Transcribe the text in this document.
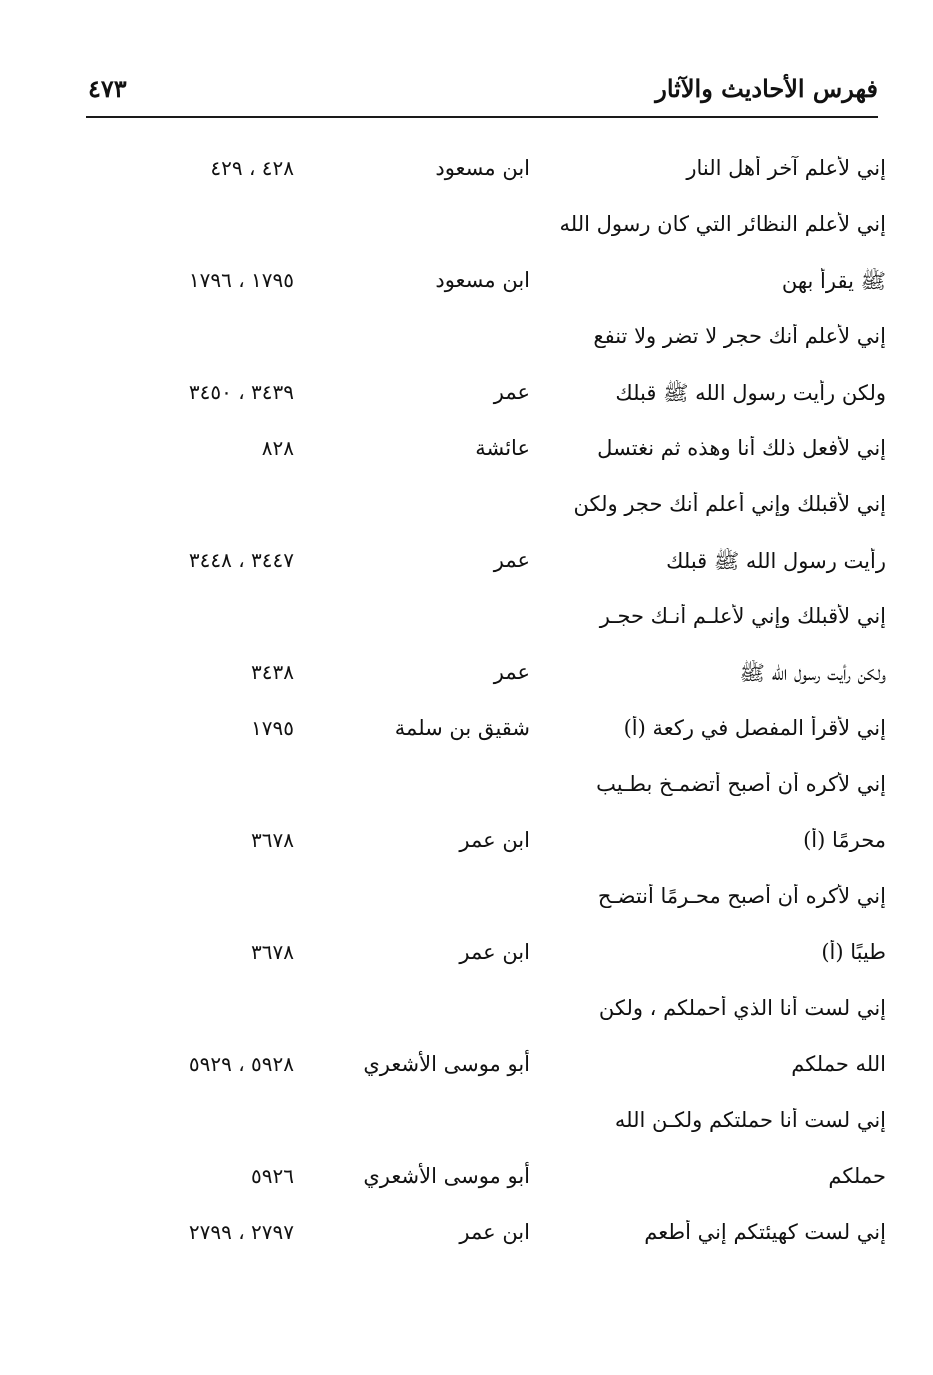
فهرس الأحاديث والآثار
٤٧٣
إني لأعلم آخر أهل النار
ابن مسعود
٤٢٨ ، ٤٢٩
إني لأعلم النظائر التي كان رسول الله
ﷺ يقرأ بهن
ابن مسعود
١٧٩٥ ، ١٧٩٦
إني لأعلم أنك حجر لا تضر ولا تنفع
ولكن رأيت رسول الله ﷺ قبلك
عمر
٣٤٣٩ ، ٣٤٥٠
إني لأفعل ذلك أنا وهذه ثم نغتسل
عائشة
٨٢٨
إني لأقبلك وإني أعلم أنك حجر ولكن
رأيت رسول الله ﷺ قبلك
عمر
٣٤٤٧ ، ٣٤٤٨
إني لأقبلك وإني لأعلـم أنـك حجـر
ولكن رأيت رسول الله ﷺ
عمر
٣٤٣٨
إني لأقرأ المفصل في ركعة (أ)
شقيق بن سلمة
١٧٩٥
إني لأكره أن أصبح أتضمـخ بطـيب
محرمًا (أ)
ابن عمر
٣٦٧٨
إني لأكره أن أصبح محـرمًا أنتضـح
طيبًا (أ)
ابن عمر
٣٦٧٨
إني لست أنا الذي أحملكم ، ولكن
الله حملكم
أبو موسى الأشعري
٥٩٢٨ ، ٥٩٢٩
إني لست أنا حملتكم ولكـن الله
حملكم
أبو موسى الأشعري
٥٩٢٦
إني لست كهيئتكم إني أطعم
ابن عمر
٢٧٩٧ ، ٢٧٩٩
